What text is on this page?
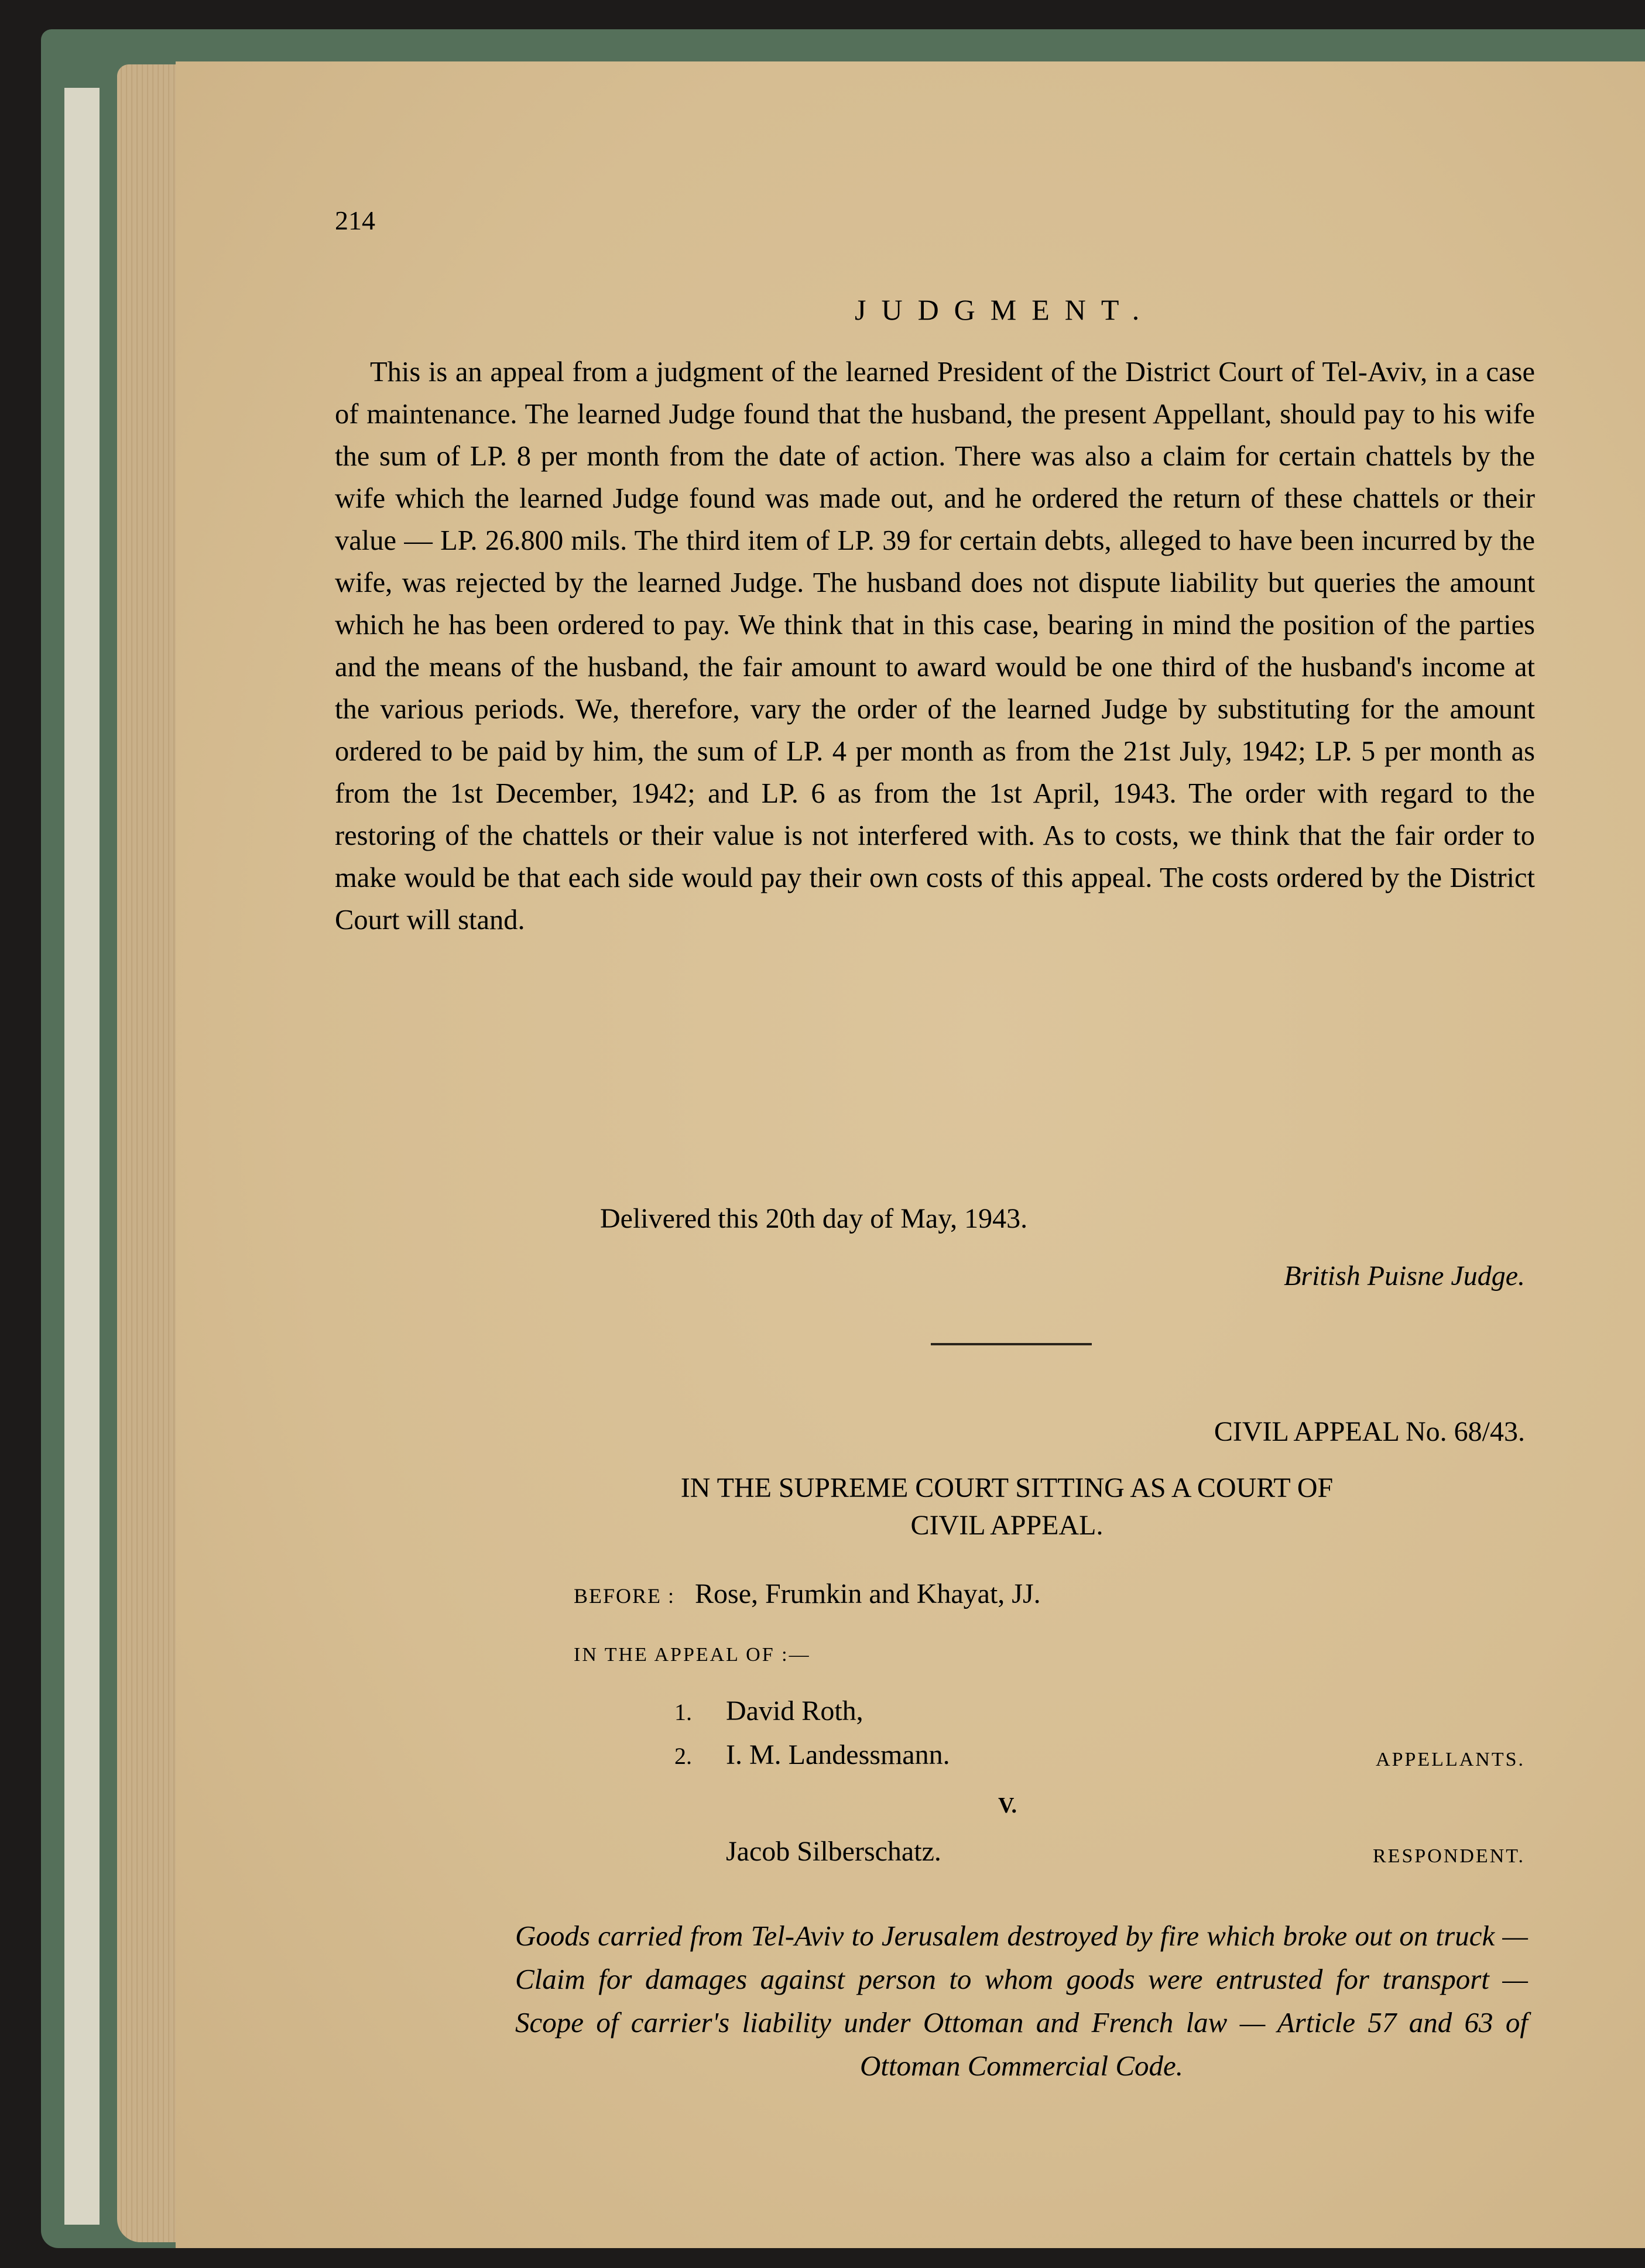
214
JUDGMENT.

This is an appeal from a judgment of the learned President of the District Court of Tel-Aviv, in a case of maintenance. The learned Judge found that the husband, the present Appellant, should pay to his wife the sum of LP. 8 per month from the date of action. There was also a claim for certain chattels by the wife which the learned Judge found was made out, and he ordered the return of these chattels or their value — LP. 26.800 mils. The third item of LP. 39 for certain debts, alleged to have been incurred by the wife, was rejected by the learned Judge. The husband does not dispute liability but queries the amount which he has been ordered to pay. We think that in this case, bearing in mind the position of the parties and the means of the husband, the fair amount to award would be one third of the husband's income at the various periods. We, therefore, vary the order of the learned Judge by substituting for the amount ordered to be paid by him, the sum of LP. 4 per month as from the 21st July, 1942; LP. 5 per month as from the 1st December, 1942; and LP. 6 as from the 1st April, 1943. The order with regard to the restoring of the chattels or their value is not interfered with. As to costs, we think that the fair order to make would be that each side would pay their own costs of this appeal. The costs ordered by the District Court will stand.

Delivered this 20th day of May, 1943.
British Puisne Judge.
CIVIL APPEAL No. 68/43.
IN THE SUPREME COURT SITTING AS A COURT OF
CIVIL APPEAL.
BEFORE : Rose, Frumkin and Khayat, JJ.
IN THE APPEAL OF :—
1. David Roth,
2. I. M. Landessmann.	APPELLANTS.
V.
Jacob Silberschatz.	RESPONDENT.
Goods carried from Tel-Aviv to Jerusalem destroyed by fire which broke out on truck — Claim for damages against person to whom goods were entrusted for transport — Scope of carrier's liability under Ottoman and French law — Article 57 and 63 of Ottoman Commercial Code.
